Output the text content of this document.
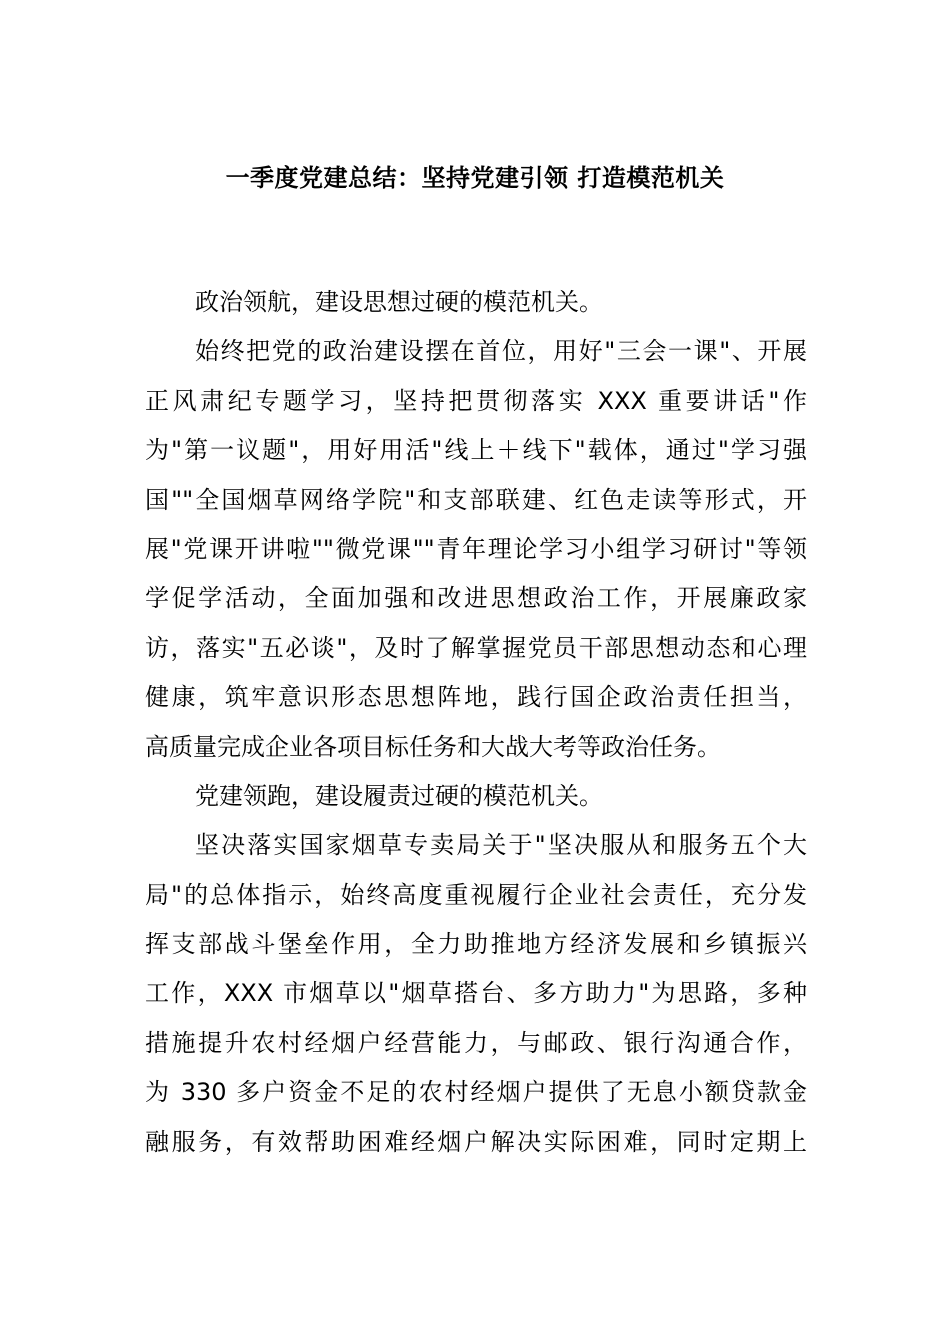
一季度党建总结：坚持党建引领 打造模范机关
政治领航，建设思想过硬的模范机关。
始终把党的政治建设摆在首位，用好"三会一课"、开展
正风肃纪专题学习，坚持把贯彻落实 XXX 重要讲话"作
为"第一议题"，用好用活"线上＋线下"载体，通过"学习强
国""全国烟草网络学院"和支部联建、红色走读等形式，开
展"党课开讲啦""微党课""青年理论学习小组学习研讨"等领
学促学活动，全面加强和改进思想政治工作，开展廉政家
访，落实"五必谈"，及时了解掌握党员干部思想动态和心理
健康，筑牢意识形态思想阵地，践行国企政治责任担当，
高质量完成企业各项目标任务和大战大考等政治任务。
党建领跑，建设履责过硬的模范机关。
坚决落实国家烟草专卖局关于"坚决服从和服务五个大
局"的总体指示，始终高度重视履行企业社会责任，充分发
挥支部战斗堡垒作用，全力助推地方经济发展和乡镇振兴
工作，XXX 市烟草以"烟草搭台、多方助力"为思路，多种
措施提升农村经烟户经营能力，与邮政、银行沟通合作，
为 330 多户资金不足的农村经烟户提供了无息小额贷款金
融服务，有效帮助困难经烟户解决实际困难，同时定期上
